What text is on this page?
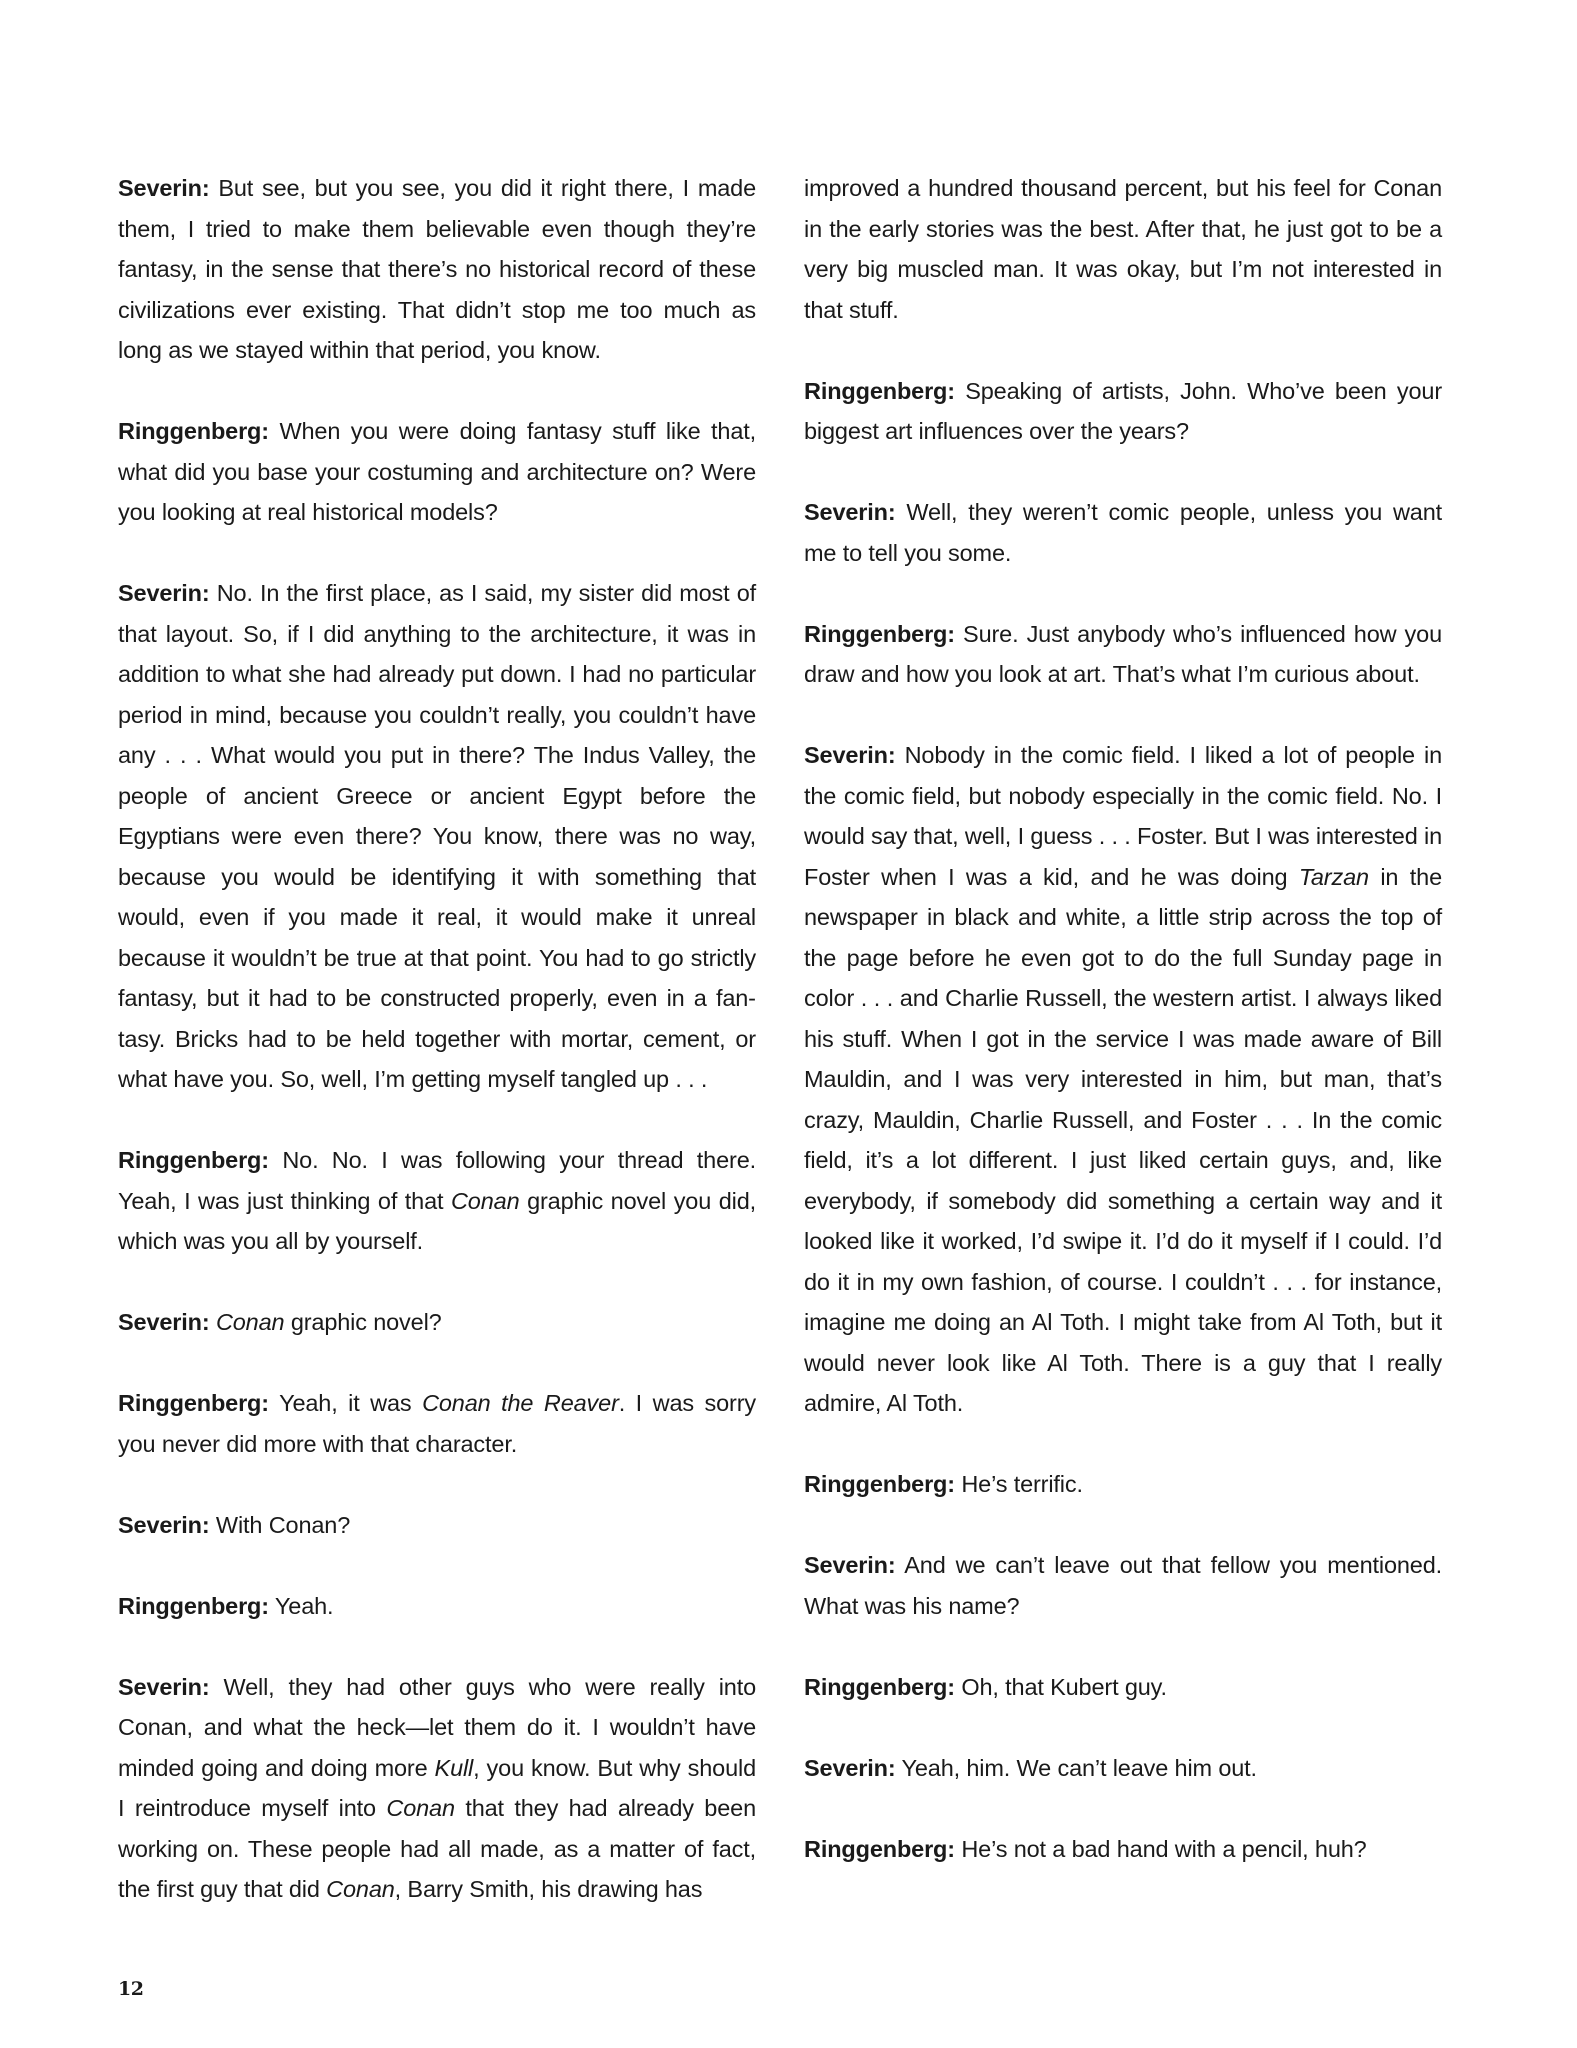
Severin: But see, but you see, you did it right there, I made them, I tried to make them believable even though they’re fantasy, in the sense that there’s no historical record of these civilizations ever existing. That didn’t stop me too much as long as we stayed within that period, you know.

Ringgenberg: When you were doing fantasy stuff like that, what did you base your costuming and architecture on? Were you looking at real historical models?

Severin: No. In the first place, as I said, my sister did most of that layout. So, if I did anything to the architecture, it was in addition to what she had already put down. I had no particular period in mind, because you couldn’t really, you couldn’t have any . . . What would you put in there? The Indus Valley, the people of ancient Greece or ancient Egypt before the Egyptians were even there? You know, there was no way, because you would be identifying it with something that would, even if you made it real, it would make it unreal because it wouldn’t be true at that point. You had to go strictly fantasy, but it had to be constructed properly, even in a fantasy. Bricks had to be held together with mortar, cement, or what have you. So, well, I’m getting myself tangled up . . .

Ringgenberg: No. No. I was following your thread there. Yeah, I was just thinking of that Conan graphic novel you did, which was you all by yourself.

Severin: Conan graphic novel?

Ringgenberg: Yeah, it was Conan the Reaver. I was sorry you never did more with that character.

Severin: With Conan?

Ringgenberg: Yeah.

Severin: Well, they had other guys who were really into Conan, and what the heck—let them do it. I wouldn’t have minded going and doing more Kull, you know. But why should I reintroduce myself into Conan that they had already been working on. These people had all made, as a matter of fact, the first guy that did Conan, Barry Smith, his drawing has

improved a hundred thousand percent, but his feel for Conan in the early stories was the best. After that, he just got to be a very big muscled man. It was okay, but I’m not interested in that stuff.

Ringgenberg: Speaking of artists, John. Who’ve been your biggest art influences over the years?

Severin: Well, they weren’t comic people, unless you want me to tell you some.

Ringgenberg: Sure. Just anybody who’s influenced how you draw and how you look at art. That’s what I’m curious about.

Severin: Nobody in the comic field. I liked a lot of people in the comic field, but nobody especially in the comic field. No. I would say that, well, I guess . . . Foster. But I was interested in Foster when I was a kid, and he was doing Tarzan in the newspaper in black and white, a little strip across the top of the page before he even got to do the full Sunday page in color . . . and Charlie Russell, the western artist. I always liked his stuff. When I got in the service I was made aware of Bill Mauldin, and I was very interested in him, but man, that’s crazy, Mauldin, Charlie Russell, and Foster . . . In the comic field, it’s a lot different. I just liked certain guys, and, like everybody, if somebody did something a certain way and it looked like it worked, I’d swipe it. I’d do it myself if I could. I’d do it in my own fashion, of course. I couldn’t . . . for instance, imagine me doing an Al Toth. I might take from Al Toth, but it would never look like Al Toth. There is a guy that I really admire, Al Toth.

Ringgenberg: He’s terrific.

Severin: And we can’t leave out that fellow you mentioned. What was his name?

Ringgenberg: Oh, that Kubert guy.

Severin: Yeah, him. We can’t leave him out.

Ringgenberg: He’s not a bad hand with a pencil, huh?

12
